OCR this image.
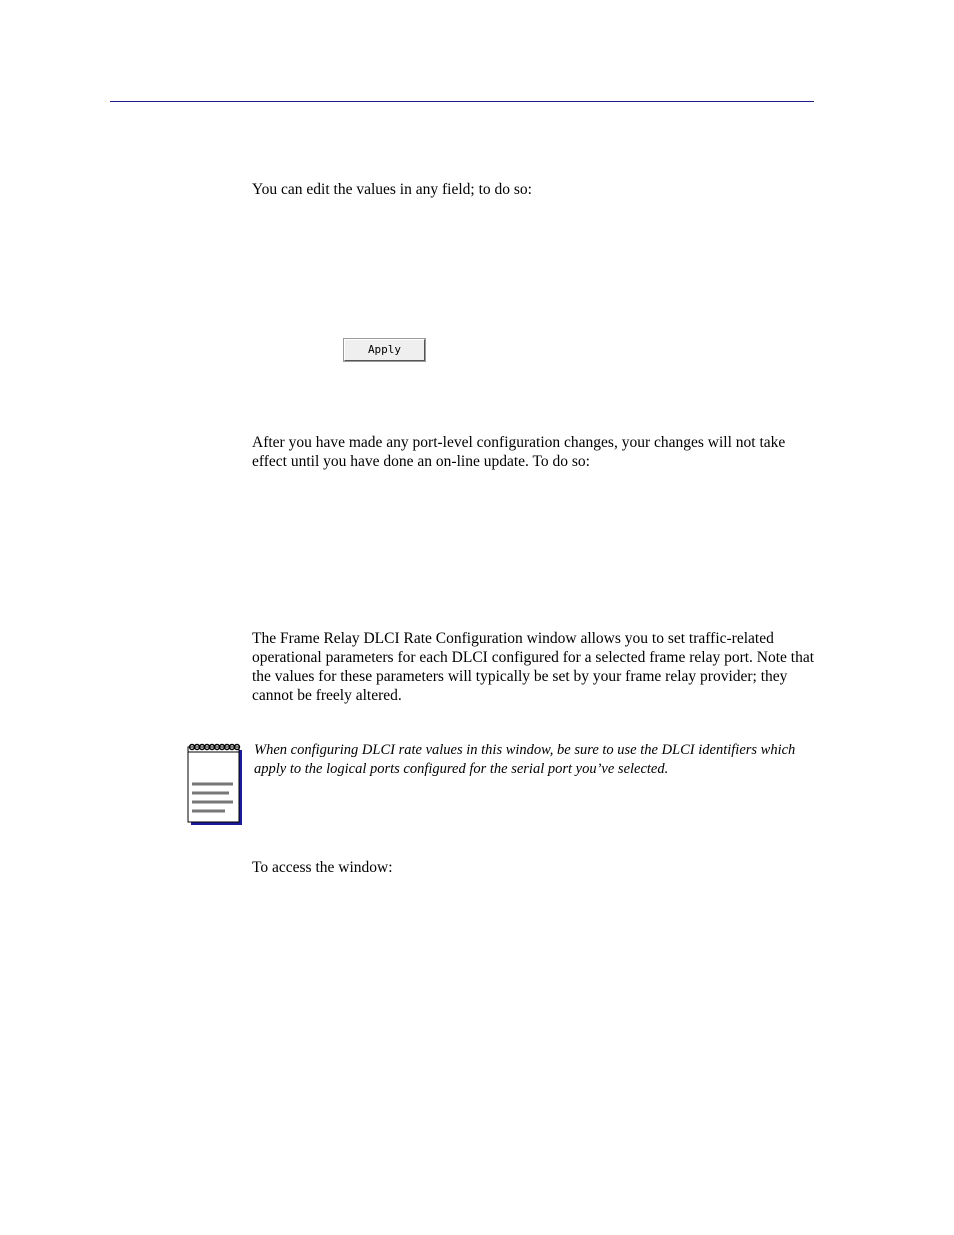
You can edit the values in any field; to do so:

Apply

After you have made any port-level configuration changes, your changes will not take effect until you have done an on-line update. To do so:

The Frame Relay DLCI Rate Configuration window allows you to set traffic-related operational parameters for each DLCI configured for a selected frame relay port. Note that the values for these parameters will typically be set by your frame relay provider; they cannot be freely altered.

When configuring DLCI rate values in this window, be sure to use the DLCI identifiers which apply to the logical ports configured for the serial port you’ve selected.

To access the window:
